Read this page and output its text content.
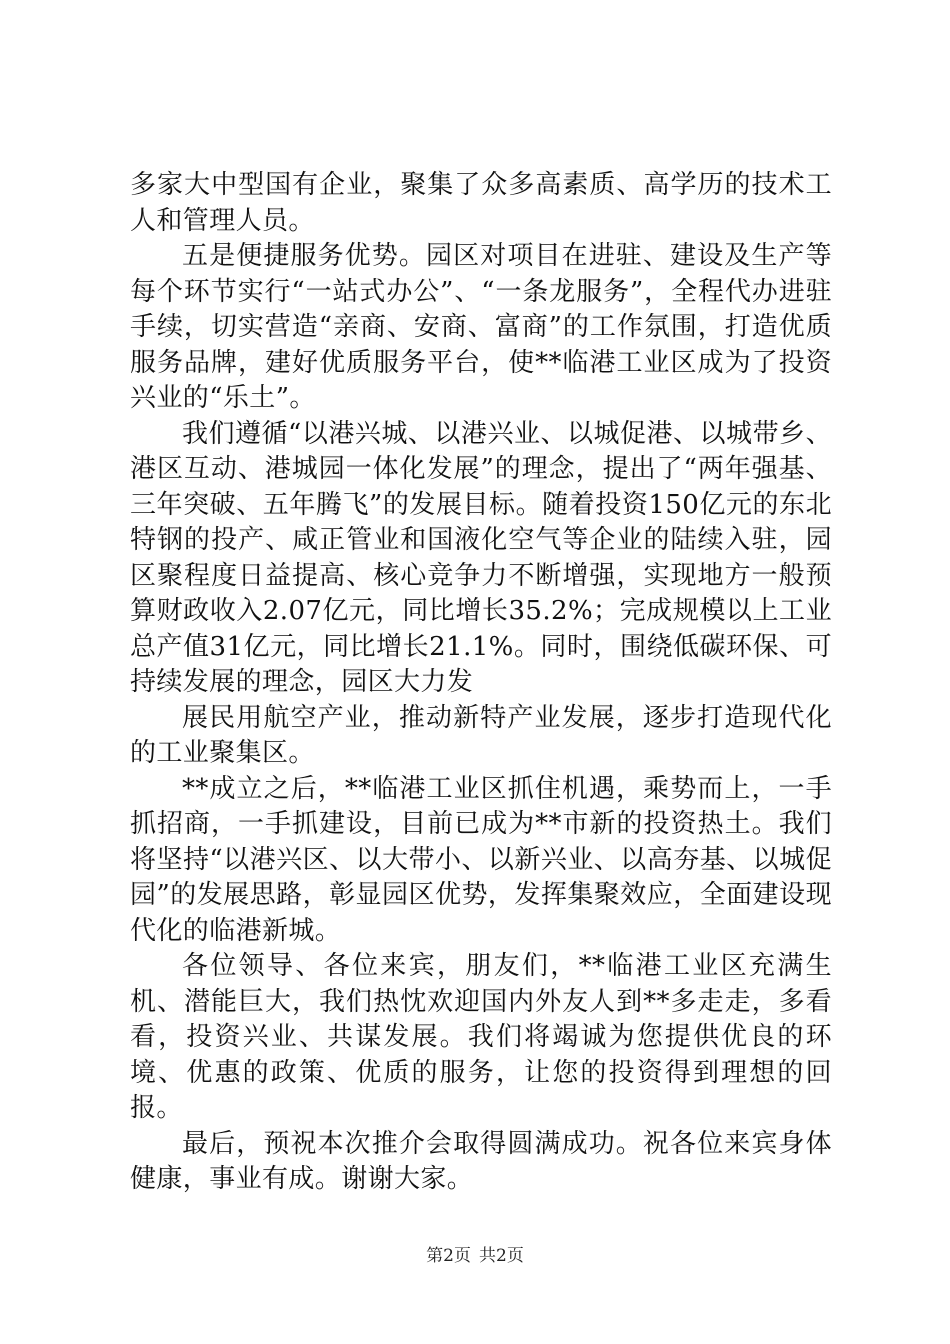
多家大中型国有企业，聚集了众多高素质、高学历的技术工人和管理人员。

五是便捷服务优势。园区对项目在进驻、建设及生产等每个环节实行“一站式办公”、“一条龙服务”，全程代办进驻手续，切实营造“亲商、安商、富商”的工作氛围，打造优质服务品牌，建好优质服务平台，使**临港工业区成为了投资兴业的“乐土”。

我们遵循“以港兴城、以港兴业、以城促港、以城带乡、港区互动、港城园一体化发展”的理念，提出了“两年强基、三年突破、五年腾飞”的发展目标。随着投资150亿元的东北特钢的投产、咸正管业和国液化空气等企业的陆续入驻，园区聚程度日益提高、核心竞争力不断增强，实现地方一般预算财政收入2.07亿元，同比增长35.2%；完成规模以上工业总产值31亿元，同比增长21.1%。同时，围绕低碳环保、可持续发展的理念，园区大力发

展民用航空产业，推动新特产业发展，逐步打造现代化的工业聚集区。

**成立之后，**临港工业区抓住机遇，乘势而上，一手抓招商，一手抓建设，目前已成为**市新的投资热土。我们将坚持“以港兴区、以大带小、以新兴业、以高夯基、以城促园”的发展思路，彰显园区优势，发挥集聚效应，全面建设现代化的临港新城。

各位领导、各位来宾，朋友们，**临港工业区充满生机、潜能巨大，我们热忱欢迎国内外友人到**多走走，多看看，投资兴业、共谋发展。我们将竭诚为您提供优良的环境、优惠的政策、优质的服务，让您的投资得到理想的回报。

最后，预祝本次推介会取得圆满成功。祝各位来宾身体健康，事业有成。谢谢大家。

第2页 共2页
